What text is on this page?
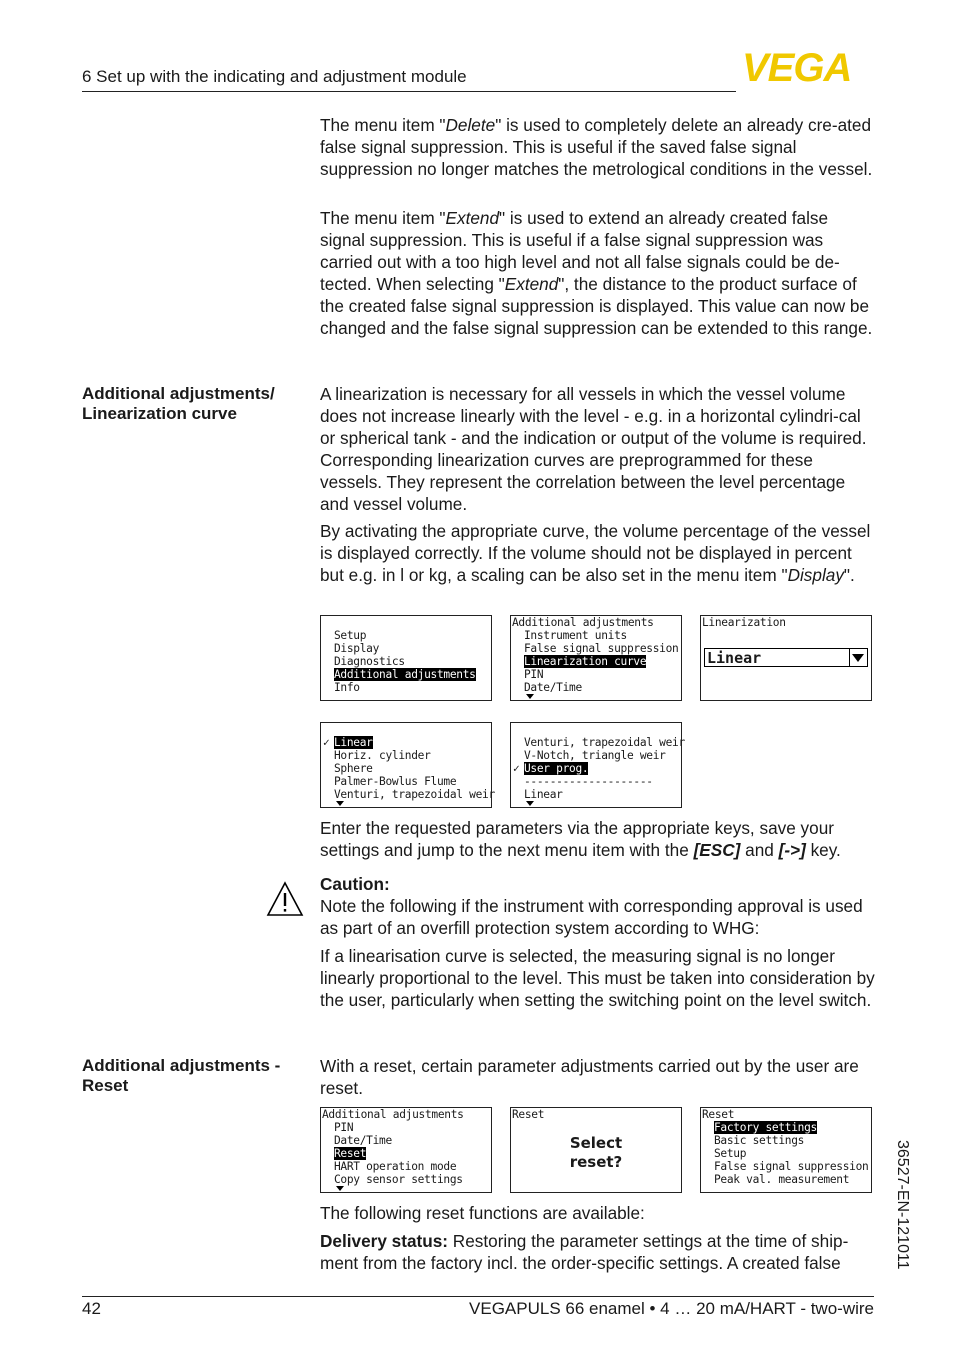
6 Set up with the indicating and adjustment module	VEGA

The menu item "Delete" is used to completely delete an already cre-ated false signal suppression. This is useful if the saved false signal suppression no longer matches the metrological conditions in the vessel.

The menu item "Extend" is used to extend an already created false signal suppression. This is useful if a false signal suppression was carried out with a too high level and not all false signals could be de-tected. When selecting "Extend", the distance to the product surface of the created false signal suppression is displayed. This value can now be changed and the false signal suppression can be extended to this range.

Additional adjustments/ Linearization curve

A linearization is necessary for all vessels in which the vessel volume does not increase linearly with the level - e.g. in a horizontal cylindri-cal or spherical tank - and the indication or output of the volume is required. Corresponding linearization curves are preprogrammed for these vessels. They represent the correlation between the level percentage and vessel volume.

By activating the appropriate curve, the volume percentage of the vessel is displayed correctly. If the volume should not be displayed in percent but e.g. in l or kg, a scaling can be also set in the menu item "Display".

Setup
Display
Diagnostics
Additional adjustments
Info
Additional adjustments
Instrument units
False signal suppression
Linearization curve
PIN
Date/Time
Linearization
Linear
✓ Linear
Horiz. cylinder
Sphere
Palmer-Bowlus Flume
Venturi, trapezoidal weir
Venturi, trapezoidal weir
V-Notch, triangle weir
✓ User prog.
--------------------
Linear

Enter the requested parameters via the appropriate keys, save your settings and jump to the next menu item with the [ESC] and [->] key.

Caution:

Note the following if the instrument with corresponding approval is used as part of an overfill protection system according to WHG:

If a linearisation curve is selected, the measuring signal is no longer linearly proportional to the level. This must be taken into consideration by the user, particularly when setting the switching point on the level switch.

Additional adjustments - Reset

With a reset, certain parameter adjustments carried out by the user are reset.

Additional adjustments
PIN
Date/Time
Reset
HART operation mode
Copy sensor settings
Reset
Select
reset?
Reset
Factory settings
Basic settings
Setup
False signal suppression
Peak val. measurement

The following reset functions are available:

Delivery status: Restoring the parameter settings at the time of ship-ment from the factory incl. the order-specific settings. A created false	36527-EN-121011
42	VEGAPULS 66 enamel • 4 … 20 mA/HART - two-wire
